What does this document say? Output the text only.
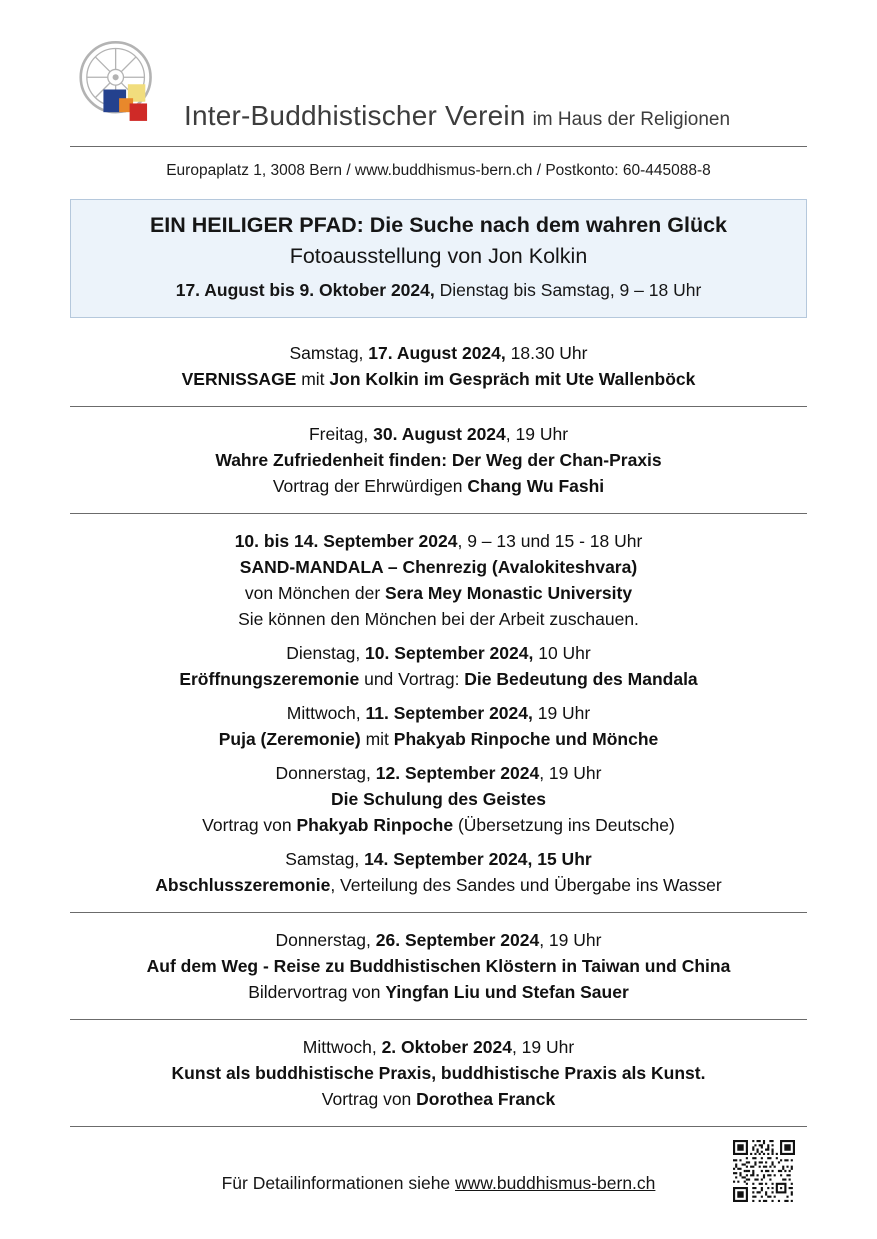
Inter-Buddhistischer Verein im Haus der Religionen

Europaplatz 1, 3008 Bern / www.buddhismus-bern.ch / Postkonto: 60-445088-8

EIN HEILIGER PFAD: Die Suche nach dem wahren Glück

Fotoausstellung von Jon Kolkin

17. August bis 9. Oktober 2024, Dienstag bis Samstag, 9 – 18 Uhr

Samstag, 17. August 2024, 18.30 Uhr

VERNISSAGE mit Jon Kolkin im Gespräch mit Ute Wallenböck

Freitag, 30. August 2024, 19 Uhr

Wahre Zufriedenheit finden: Der Weg der Chan-Praxis

Vortrag der Ehrwürdigen Chang Wu Fashi

10. bis 14. September 2024, 9 – 13 und 15 - 18 Uhr

SAND-MANDALA – Chenrezig (Avalokiteshvara)

von Mönchen der Sera Mey Monastic University

Sie können den Mönchen bei der Arbeit zuschauen.

Dienstag, 10. September 2024, 10 Uhr

Eröffnungszeremonie und Vortrag: Die Bedeutung des Mandala

Mittwoch, 11. September 2024, 19 Uhr

Puja (Zeremonie) mit Phakyab Rinpoche und Mönche

Donnerstag, 12. September 2024, 19 Uhr

Die Schulung des Geistes

Vortrag von Phakyab Rinpoche (Übersetzung ins Deutsche)

Samstag, 14. September 2024, 15 Uhr

Abschlusszeremonie, Verteilung des Sandes und Übergabe ins Wasser

Donnerstag, 26. September 2024, 19 Uhr

Auf dem Weg - Reise zu Buddhistischen Klöstern in Taiwan und China

Bildervortrag von Yingfan Liu und Stefan Sauer

Mittwoch, 2. Oktober 2024, 19 Uhr

Kunst als buddhistische Praxis, buddhistische Praxis als Kunst.

Vortrag von Dorothea Franck

Für Detailinformationen siehe www.buddhismus-bern.ch
